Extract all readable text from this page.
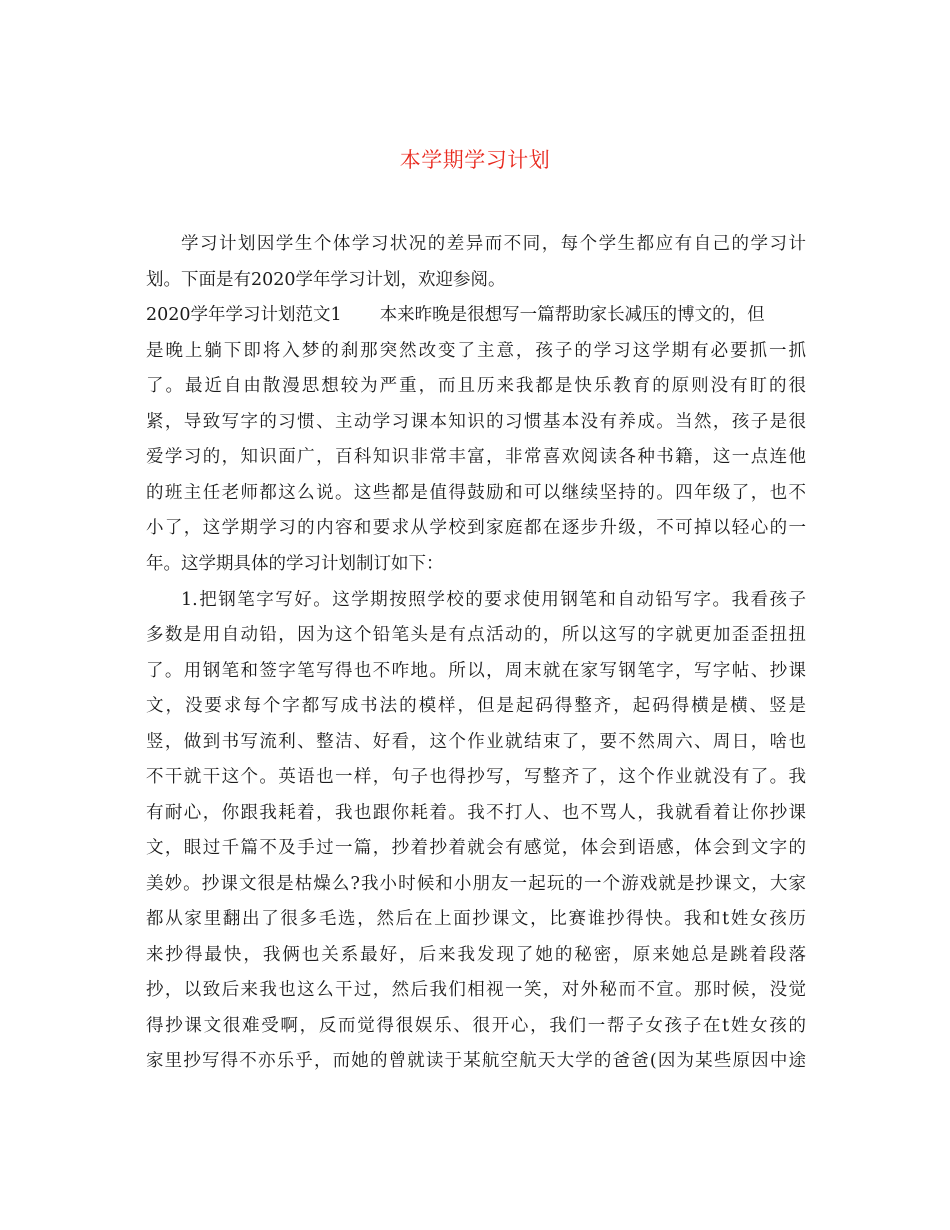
本学期学习计划
学习计划因学生个体学习状况的差异而不同，每个学生都应有自己的学习计
划。下面是有2020学年学习计划，欢迎参阅。
2020学年学习计划范文1 本来昨晚是很想写一篇帮助家长减压的博文的，但
是晚上躺下即将入梦的刹那突然改变了主意，孩子的学习这学期有必要抓一抓
了。最近自由散漫思想较为严重，而且历来我都是快乐教育的原则没有盯的很
紧，导致写字的习惯、主动学习课本知识的习惯基本没有养成。当然，孩子是很
爱学习的，知识面广，百科知识非常丰富，非常喜欢阅读各种书籍，这一点连他
的班主任老师都这么说。这些都是值得鼓励和可以继续坚持的。四年级了，也不
小了，这学期学习的内容和要求从学校到家庭都在逐步升级，不可掉以轻心的一
年。这学期具体的学习计划制订如下：
1.把钢笔字写好。这学期按照学校的要求使用钢笔和自动铅写字。我看孩子
多数是用自动铅，因为这个铅笔头是有点活动的，所以这写的字就更加歪歪扭扭
了。用钢笔和签字笔写得也不咋地。所以，周末就在家写钢笔字，写字帖、抄课
文，没要求每个字都写成书法的模样，但是起码得整齐，起码得横是横、竖是
竖，做到书写流利、整洁、好看，这个作业就结束了，要不然周六、周日，啥也
不干就干这个。英语也一样，句子也得抄写，写整齐了，这个作业就没有了。我
有耐心，你跟我耗着，我也跟你耗着。我不打人、也不骂人，我就看着让你抄课
文，眼过千篇不及手过一篇，抄着抄着就会有感觉，体会到语感，体会到文字的
美妙。抄课文很是枯燥么?我小时候和小朋友一起玩的一个游戏就是抄课文，大家
都从家里翻出了很多毛选，然后在上面抄课文，比赛谁抄得快。我和t姓女孩历
来抄得最快，我俩也关系最好，后来我发现了她的秘密，原来她总是跳着段落
抄，以致后来我也这么干过，然后我们相视一笑，对外秘而不宣。那时候，没觉
得抄课文很难受啊，反而觉得很娱乐、很开心，我们一帮子女孩子在t姓女孩的
家里抄写得不亦乐乎，而她的曾就读于某航空航天大学的爸爸(因为某些原因中途
